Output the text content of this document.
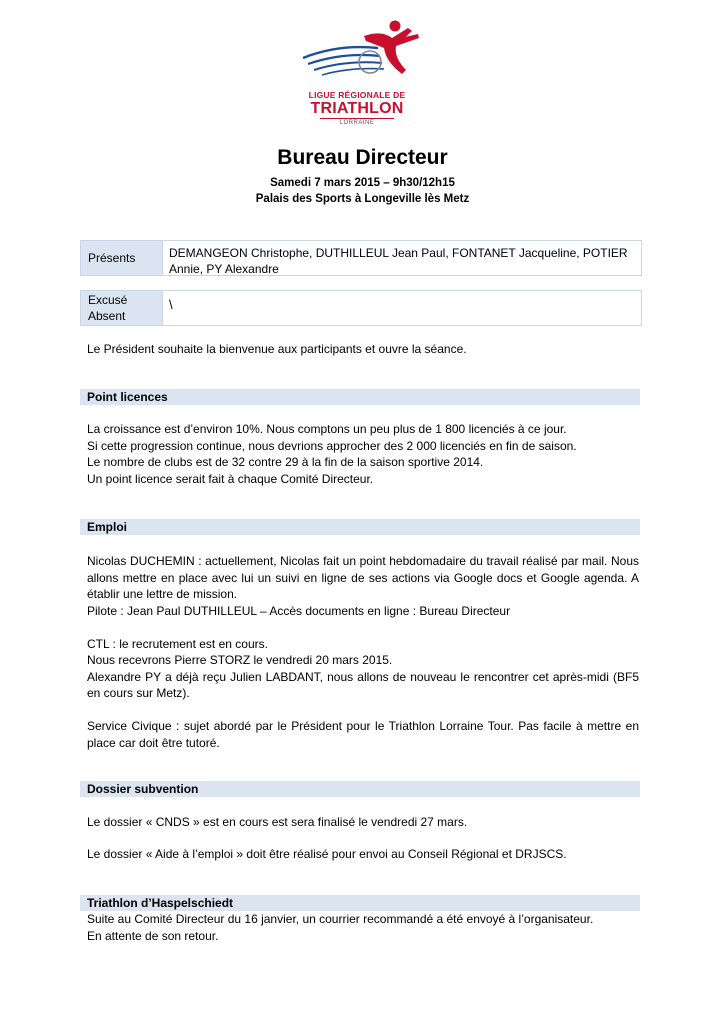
LIGUE RÉGIONALE DE
TRIATHLON
LORRAINE
Bureau Directeur
Samedi 7 mars 2015 – 9h30/12h15
Palais des Sports à Longeville lès Metz
Présents	DEMANGEON Christophe, DUTHILLEUL Jean Paul, FONTANET Jacqueline, POTIER Annie, PY Alexandre
Excusé
Absent
\
Le Président souhaite la bienvenue aux participants et ouvre la séance.
Point licences

La croissance est d’environ 10%. Nous comptons un peu plus de 1 800 licenciés à ce jour.

Si cette progression continue, nous devrions approcher des 2 000 licenciés en fin de saison.

Le nombre de clubs est de 32 contre 29 à la fin de la saison sportive 2014.

Un point licence serait fait à chaque Comité Directeur.

Emploi

Nicolas DUCHEMIN : actuellement, Nicolas fait un point hebdomadaire du travail réalisé par mail. Nous allons mettre en place avec lui un suivi en ligne de ses actions via Google docs et Google agenda. A établir une lettre de mission.

Pilote : Jean Paul DUTHILLEUL – Accès documents en ligne : Bureau Directeur

CTL : le recrutement est en cours.

Nous recevrons Pierre STORZ le vendredi 20 mars 2015.

Alexandre PY a déjà reçu Julien LABDANT, nous allons de nouveau le rencontrer cet après-midi (BF5 en cours sur Metz).

Service Civique : sujet abordé par le Président pour le Triathlon Lorraine Tour. Pas facile à mettre en place car doit être tutoré.

Dossier subvention
Le dossier « CNDS » est en cours est sera finalisé le vendredi 27 mars.
Le dossier « Aide à l’emploi » doit être réalisé pour envoi au Conseil Régional et DRJSCS.
Triathlon d’Haspelschiedt

Suite au Comité Directeur du 16 janvier, un courrier recommandé a été envoyé à l’organisateur.

En attente de son retour.
